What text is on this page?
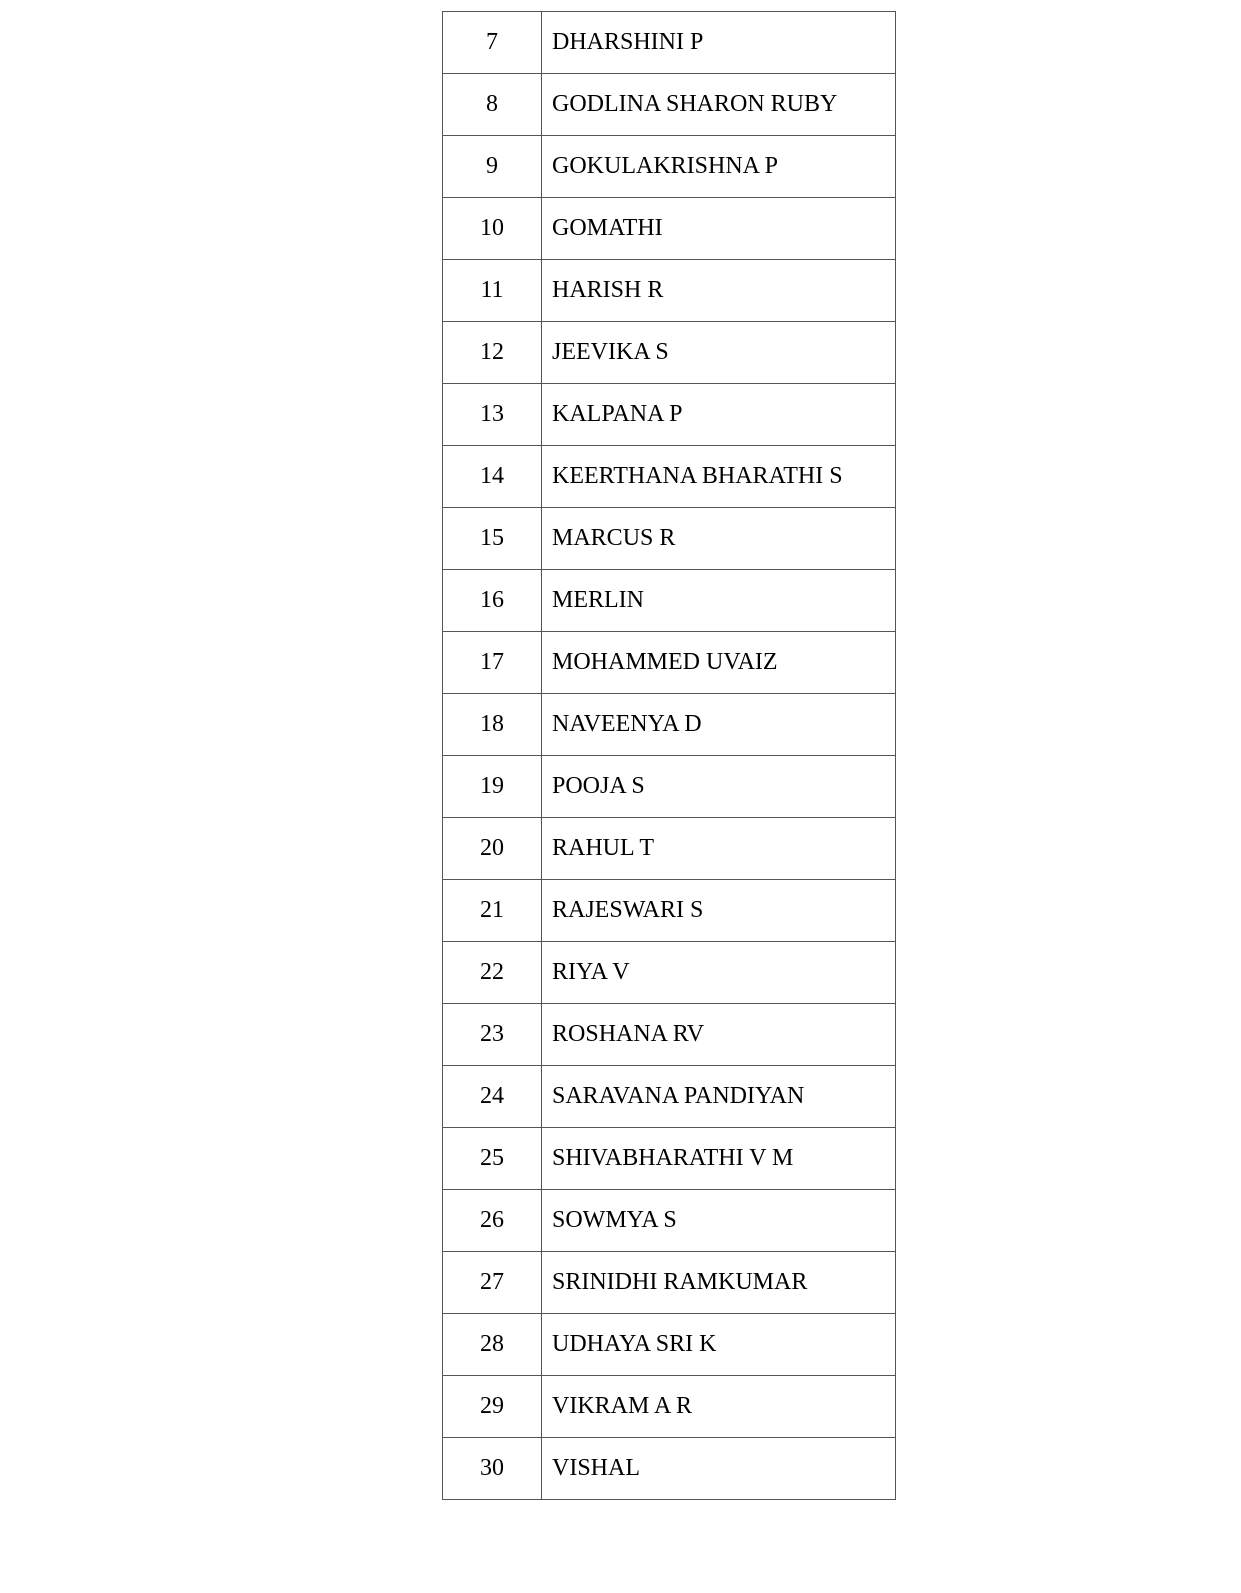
7	DHARSHINI P
8	GODLINA SHARON RUBY
9	GOKULAKRISHNA P
10	GOMATHI
11	HARISH R
12	JEEVIKA S
13	KALPANA P
14	KEERTHANA BHARATHI S
15	MARCUS R
16	MERLIN
17	MOHAMMED UVAIZ
18	NAVEENYA D
19	POOJA S
20	RAHUL T
21	RAJESWARI S
22	RIYA V
23	ROSHANA RV
24	SARAVANA PANDIYAN
25	SHIVABHARATHI V M
26	SOWMYA S
27	SRINIDHI RAMKUMAR
28	UDHAYA SRI K
29	VIKRAM A R
30	VISHAL
